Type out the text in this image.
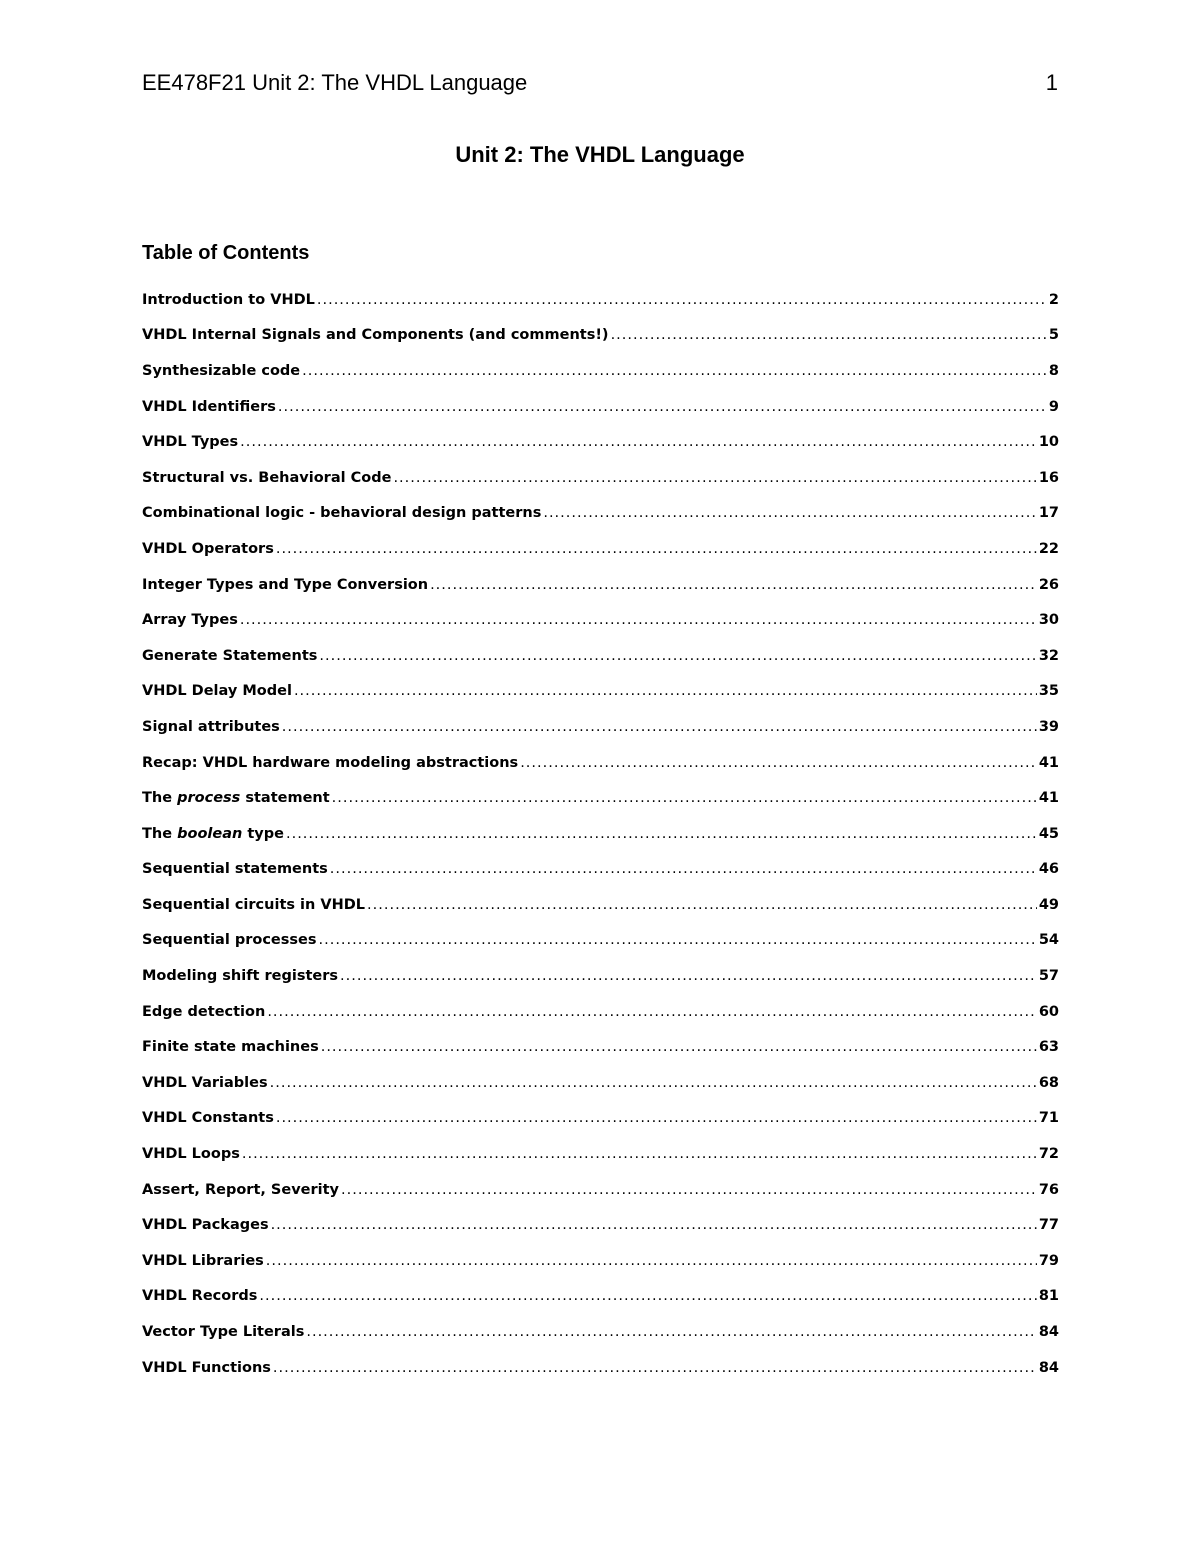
EE478F21 Unit 2: The VHDL Language	1
Unit 2: The VHDL Language
Table of Contents
Introduction to VHDL .....	2
VHDL Internal Signals and Components (and comments!) .....	5
Synthesizable code .....	8
VHDL Identifiers .....	9
VHDL Types .....	10
Structural vs. Behavioral Code .....	16
Combinational logic - behavioral design patterns .....	17
VHDL Operators .....	22
Integer Types and Type Conversion .....	26
Array Types .....	30
Generate Statements .....	32
VHDL Delay Model .....	35
Signal attributes .....	39
Recap: VHDL hardware modeling abstractions .....	41
The process statement .....	41
The boolean type .....	45
Sequential statements .....	46
Sequential circuits in VHDL .....	49
Sequential processes .....	54
Modeling shift registers .....	57
Edge detection .....	60
Finite state machines .....	63
VHDL Variables .....	68
VHDL Constants .....	71
VHDL Loops .....	72
Assert, Report, Severity .....	76
VHDL Packages .....	77
VHDL Libraries .....	79
VHDL Records .....	81
Vector Type Literals .....	84
VHDL Functions .....	84
